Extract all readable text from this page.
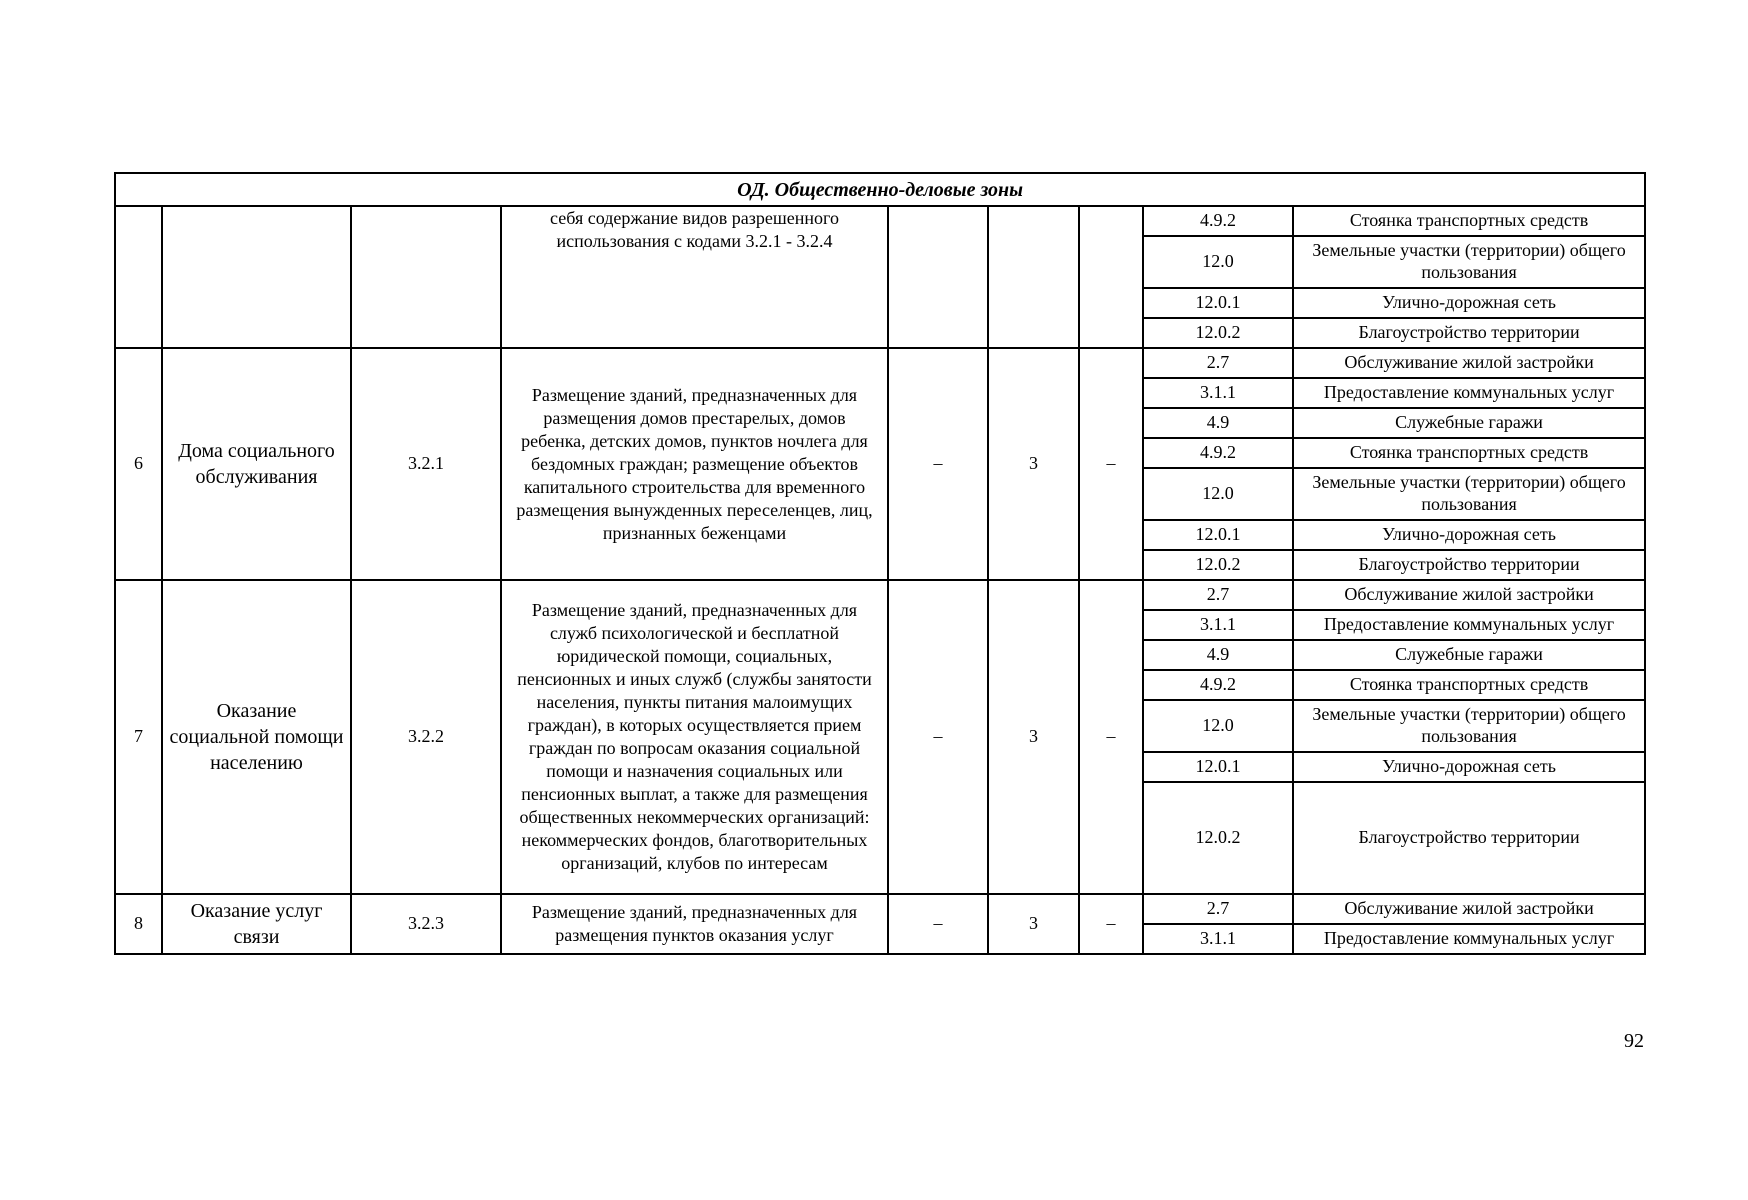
ОД. Общественно-деловые зоны								
			себя содержание видов разрешенного использования с кодами 3.2.1 - 3.2.4				4.9.2	Стоянка транспортных средств
							12.0	Земельные участки (территории) общего пользования
							12.0.1	Улично-дорожная сеть
							12.0.2	Благоустройство территории
6	Дома социального обслуживания	3.2.1	Размещение зданий, предназначенных для размещения домов престарелых, домов ребенка, детских домов, пунктов ночлега для бездомных граждан; размещение объектов капитального строительства для временного размещения вынужденных переселенцев, лиц, признанных беженцами	–	3	–	2.7	Обслуживание жилой застройки
							3.1.1	Предоставление коммунальных услуг
							4.9	Служебные гаражи
							4.9.2	Стоянка транспортных средств
							12.0	Земельные участки (территории) общего пользования
							12.0.1	Улично-дорожная сеть
							12.0.2	Благоустройство территории
7	Оказание социальной помощи населению	3.2.2	Размещение зданий, предназначенных для служб психологической и бесплатной юридической помощи, социальных, пенсионных и иных служб (службы занятости населения, пункты питания малоимущих граждан), в которых осуществляется прием граждан по вопросам оказания социальной помощи и назначения социальных или пенсионных выплат, а также для размещения общественных некоммерческих организаций: некоммерческих фондов, благотворительных организаций, клубов по интересам	–	3	–	2.7	Обслуживание жилой застройки
							3.1.1	Предоставление коммунальных услуг
							4.9	Служебные гаражи
							4.9.2	Стоянка транспортных средств
							12.0	Земельные участки (территории) общего пользования
							12.0.1	Улично-дорожная сеть
							12.0.2	Благоустройство территории
8	Оказание услуг связи	3.2.3	Размещение зданий, предназначенных для размещения пунктов оказания услуг	–	3	–	2.7	Обслуживание жилой застройки
							3.1.1	Предоставление коммунальных услуг
92
